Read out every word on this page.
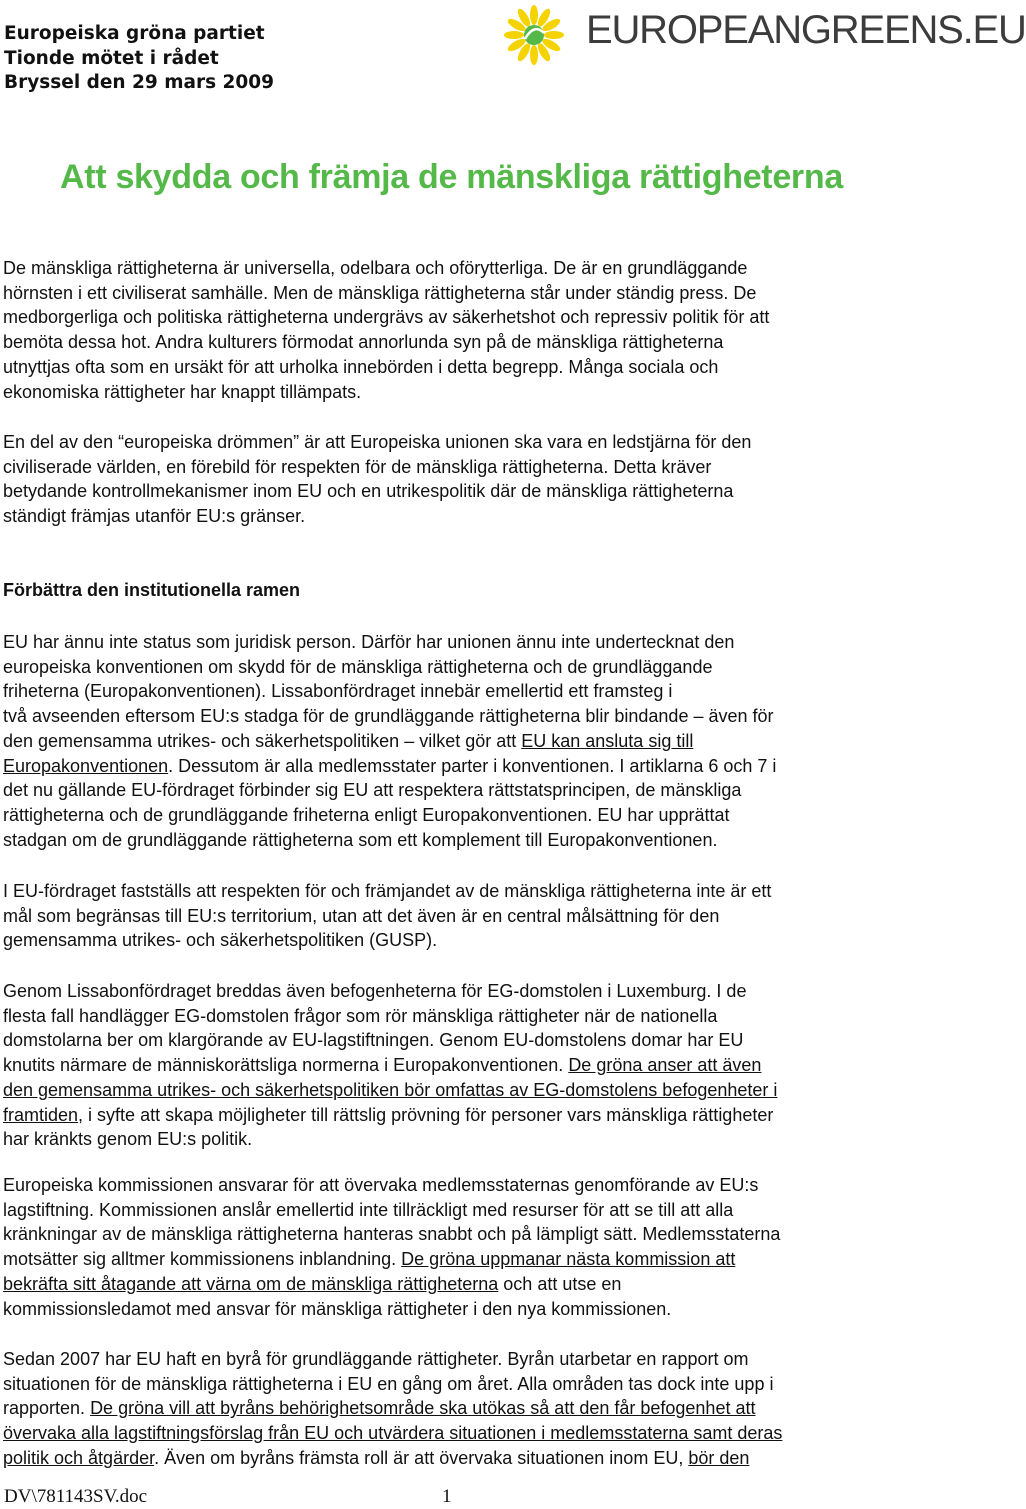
Europeiska gröna partiet
Tionde mötet i rådet
Bryssel den 29 mars 2009
EUROPEANGREENS.EU
Att skydda och främja de mänskliga rättigheterna
De mänskliga rättigheterna är universella, odelbara och oförytterliga. De är en grundläggande
hörnsten i ett civiliserat samhälle. Men de mänskliga rättigheterna står under ständig press. De
medborgerliga och politiska rättigheterna undergrävs av säkerhetshot och repressiv politik för att
bemöta dessa hot. Andra kulturers förmodat annorlunda syn på de mänskliga rättigheterna
utnyttjas ofta som en ursäkt för att urholka innebörden i detta begrepp. Många sociala och
ekonomiska rättigheter har knappt tillämpats.
En del av den “europeiska drömmen” är att Europeiska unionen ska vara en ledstjärna för den
civiliserade världen, en förebild för respekten för de mänskliga rättigheterna. Detta kräver
betydande kontrollmekanismer inom EU och en utrikespolitik där de mänskliga rättigheterna
ständigt främjas utanför EU:s gränser.
Förbättra den institutionella ramen
EU har ännu inte status som juridisk person. Därför har unionen ännu inte undertecknat den
europeiska konventionen om skydd för de mänskliga rättigheterna och de grundläggande
friheterna (Europakonventionen). Lissabonfördraget innebär emellertid ett framsteg i
två avseenden eftersom EU:s stadga för de grundläggande rättigheterna blir bindande – även för
den gemensamma utrikes- och säkerhetspolitiken – vilket gör att EU kan ansluta sig till
Europakonventionen. Dessutom är alla medlemsstater parter i konventionen. I artiklarna 6 och 7 i
det nu gällande EU-fördraget förbinder sig EU att respektera rättstatsprincipen, de mänskliga
rättigheterna och de grundläggande friheterna enligt Europakonventionen. EU har upprättat
stadgan om de grundläggande rättigheterna som ett komplement till Europakonventionen.
I EU-fördraget fastställs att respekten för och främjandet av de mänskliga rättigheterna inte är ett
mål som begränsas till EU:s territorium, utan att det även är en central målsättning för den
gemensamma utrikes- och säkerhetspolitiken (GUSP).
Genom Lissabonfördraget breddas även befogenheterna för EG-domstolen i Luxemburg. I de
flesta fall handlägger EG-domstolen frågor som rör mänskliga rättigheter när de nationella
domstolarna ber om klargörande av EU-lagstiftningen. Genom EU-domstolens domar har EU
knutits närmare de människorättsliga normerna i Europakonventionen. De gröna anser att även
den gemensamma utrikes- och säkerhetspolitiken bör omfattas av EG-domstolens befogenheter i
framtiden, i syfte att skapa möjligheter till rättslig prövning för personer vars mänskliga rättigheter
har kränkts genom EU:s politik.
Europeiska kommissionen ansvarar för att övervaka medlemsstaternas genomförande av EU:s
lagstiftning. Kommissionen anslår emellertid inte tillräckligt med resurser för att se till att alla
kränkningar av de mänskliga rättigheterna hanteras snabbt och på lämpligt sätt. Medlemsstaterna
motsätter sig alltmer kommissionens inblandning. De gröna uppmanar nästa kommission att
bekräfta sitt åtagande att värna om de mänskliga rättigheterna och att utse en
kommissionsledamot med ansvar för mänskliga rättigheter i den nya kommissionen.
Sedan 2007 har EU haft en byrå för grundläggande rättigheter. Byrån utarbetar en rapport om
situationen för de mänskliga rättigheterna i EU en gång om året. Alla områden tas dock inte upp i
rapporten. De gröna vill att byråns behörighetsområde ska utökas så att den får befogenhet att
övervaka alla lagstiftningsförslag från EU och utvärdera situationen i medlemsstaterna samt deras
politik och åtgärder. Även om byråns främsta roll är att övervaka situationen inom EU, bör den
DV\781143SV.doc	1
